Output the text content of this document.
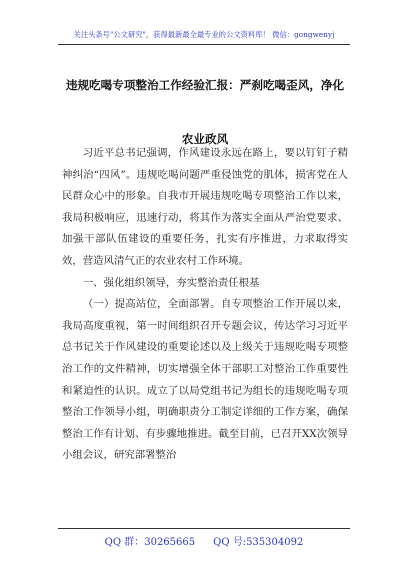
关注头条号"公文研究"，获得最新最全最专业的公文资料库！ 微信：gongwenyj
违规吃喝专项整治工作经验汇报：严刹吃喝歪风，净化农业政风

习近平总书记强调，作风建设永远在路上，要以钉钉子精神纠治“四风”。违规吃喝问题严重侵蚀党的肌体，损害党在人民群众心中的形象。自我市开展违规吃喝专项整治工作以来，我局积极响应，迅速行动，将其作为落实全面从严治党要求、加强干部队伍建设的重要任务，扎实有序推进，力求取得实效，营造风清气正的农业农村工作环境。

一、强化组织领导，夯实整治责任根基

（一）提高站位，全面部署。自专项整治工作开展以来，我局高度重视，第一时间组织召开专题会议，传达学习习近平总书记关于作风建设的重要论述以及上级关于违规吃喝专项整治工作的文件精神，切实增强全体干部职工对整治工作重要性和紧迫性的认识。成立了以局党组书记为组长的违规吃喝专项整治工作领导小组，明确职责分工制定详细的工作方案，确保整治工作有计划、有步骤地推进。截至目前，已召开XX次领导小组会议，研究部署整治

QQ 群：30265665 QQ 号:535304092
